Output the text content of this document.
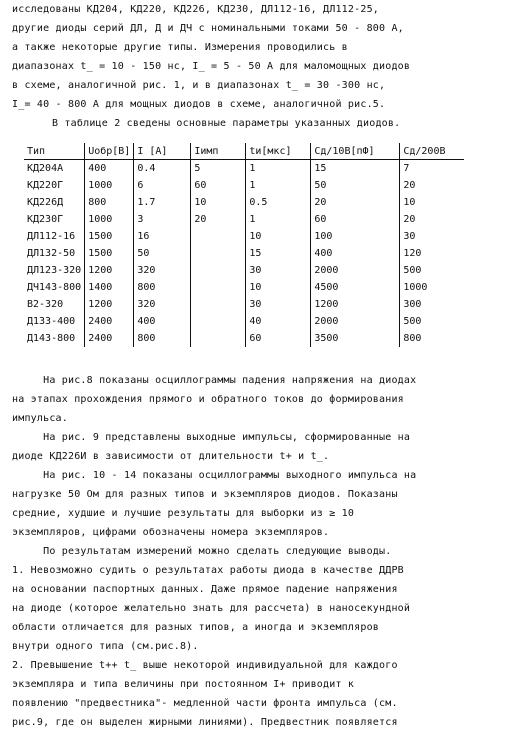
исследованы КД204, КД220, КД226, КД230, ДЛ112-16, ДЛ112-25,
другие диоды серий ДЛ, Д и ДЧ с номинальными токами 50 - 800 А,
а также некоторые другие типы. Измерения проводились в
диапазонах t_ = 10 - 150 нс, I_ = 5 - 50 А для маломощных диодов
в схеме, аналогичной рис. 1, и в диапазонах t_ = 30 -300 нс,
I_= 40 - 800 А для мощных диодов в схеме, аналогичной рис.5.
В таблице 2 сведены основные параметры указанных диодов.
Тип	Uобр[В]	I [А]	Iимп	tи[мкс]	Cд/10В[пФ]	Cд/200В
КД204А	400	0.4	5	1	15	7
КД220Г	1000	6	60	1	50	20
КД226Д	800	1.7	10	0.5	20	10
КД230Г	1000	3	20	1	60	20
ДЛ112-16	1500	16		10	100	30
ДЛ132-50	1500	50		15	400	120
ДЛ123-320	1200	320		30	2000	500
ДЧ143-800	1400	800		10	4500	1000
В2-320	1200	320		30	1200	300
Д133-400	2400	400		40	2000	500
Д143-800	2400	800		60	3500	800
На рис.8 показаны осциллограммы падения напряжения на диодах
на этапах прохождения прямого и обратного токов до формирования
импульса.
На рис. 9 представлены выходные импульсы, сформированные на
диоде КД226И в зависимости от длительности t+ и t_.
На рис. 10 - 14 показаны осциллограммы выходного импульса на
нагрузке 50 Ом для разных типов и экземпляров диодов. Показаны
средние, худшие и лучшие результаты для выборки из ≥ 10
экземпляров, цифрами обозначены номера экземпляров.
По результатам измерений можно сделать следующие выводы.
1. Невозможно судить о результатах работы диода в качестве ДДРВ
на основании паспортных данных. Даже прямое падение напряжения
на диоде (которое желательно знать для рассчета) в наносекундной
области отличается для разных типов, а иногда и экземпляров
внутри одного типа (см.рис.8).
2. Превышение t++ t_ выше некоторой индивидуальной для каждого
экземпляра и типа величины при постоянном I+ приводит к
появлению "предвестника"- медленной части фронта импульса (см.
рис.9, где он выделен жирными линиями). Предвестник появляется
